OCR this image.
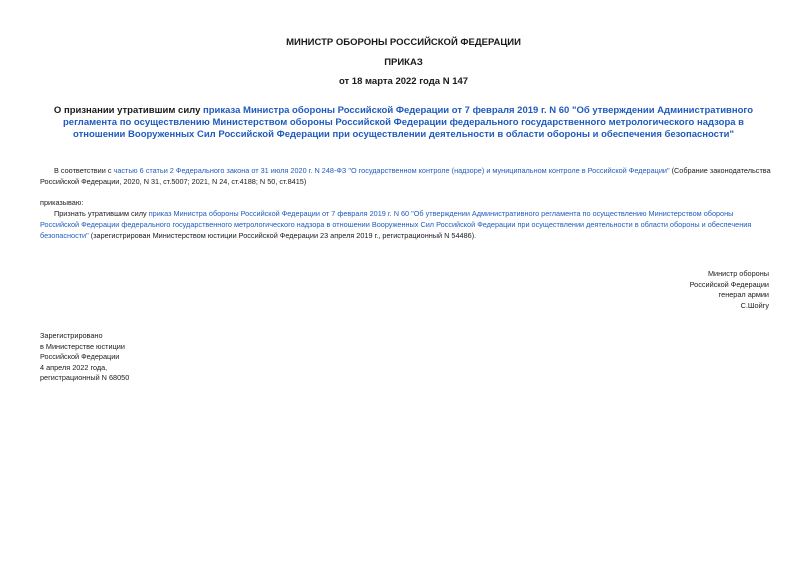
МИНИСТР ОБОРОНЫ РОССИЙСКОЙ ФЕДЕРАЦИИ
ПРИКАЗ
от 18 марта 2022 года N 147
О признании утратившим силу приказа Министра обороны Российской Федерации от 7 февраля 2019 г. N 60 "Об утверждении Административного регламента по осуществлению Министерством обороны Российской Федерации федерального государственного метрологического надзора в отношении Вооруженных Сил Российской Федерации при осуществлении деятельности в области обороны и обеспечения безопасности"
В соответствии с частью 6 статьи 2 Федерального закона от 31 июля 2020 г. N 248-ФЗ "О государственном контроле (надзоре) и муниципальном контроле в Российской Федерации" (Собрание законодательства Российской Федерации, 2020, N 31, ст.5007; 2021, N 24, ст.4188; N 50, ст.8415)
приказываю:
Признать утратившим силу приказ Министра обороны Российской Федерации от 7 февраля 2019 г. N 60 "Об утверждении Административного регламента по осуществлению Министерством обороны Российской Федерации федерального государственного метрологического надзора в отношении Вооруженных Сил Российской Федерации при осуществлении деятельности в области обороны и обеспечения безопасности" (зарегистрирован Министерством юстиции Российской Федерации 23 апреля 2019 г., регистрационный N 54486).
Министр обороны
Российской Федерации
генерал армии
С.Шойгу
Зарегистрировано
в Министерстве юстиции
Российской Федерации
4 апреля 2022 года,
регистрационный N 68050
